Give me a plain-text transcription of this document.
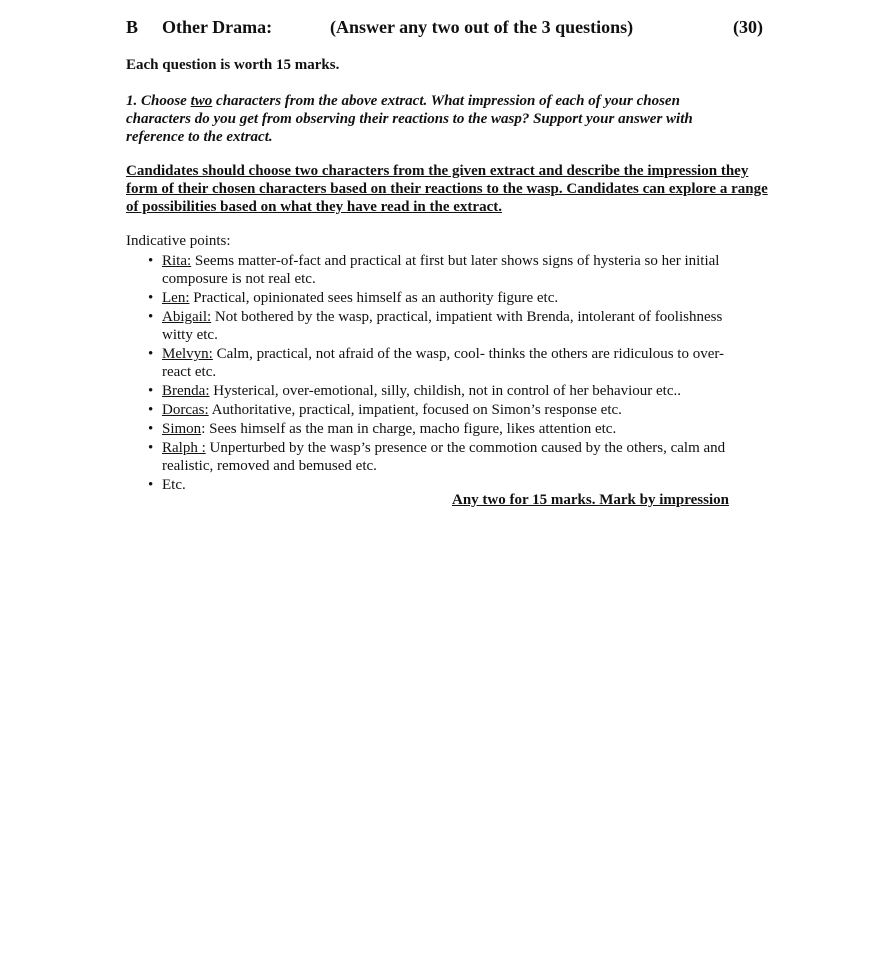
B Other Drama:	(Answer any two out of the 3 questions)	(30)
Each question is worth 15 marks.
1. Choose two characters from the above extract. What impression of each of your chosen characters do you get from observing their reactions to the wasp? Support your answer with reference to the extract.
Candidates should choose two characters from the given extract and describe the impression they form of their chosen characters based on their reactions to the wasp. Candidates can explore a range of possibilities based on what they have read in the extract.
Indicative points:
• Rita: Seems matter-of-fact and practical at first but later shows signs of hysteria so her initial composure is not real etc.
• Len: Practical, opinionated sees himself as an authority figure etc.
• Abigail: Not bothered by the wasp, practical, impatient with Brenda, intolerant of foolishness witty etc.
• Melvyn: Calm, practical, not afraid of the wasp, cool- thinks the others are ridiculous to over-react etc.
• Brenda: Hysterical, over-emotional, silly, childish, not in control of her behaviour etc..
• Dorcas: Authoritative, practical, impatient, focused on Simon’s response etc.
• Simon: Sees himself as the man in charge, macho figure, likes attention etc.
• Ralph : Unperturbed by the wasp’s presence or the commotion caused by the others, calm and realistic, removed and bemused etc.
• Etc.
Any two for 15 marks. Mark by impression
